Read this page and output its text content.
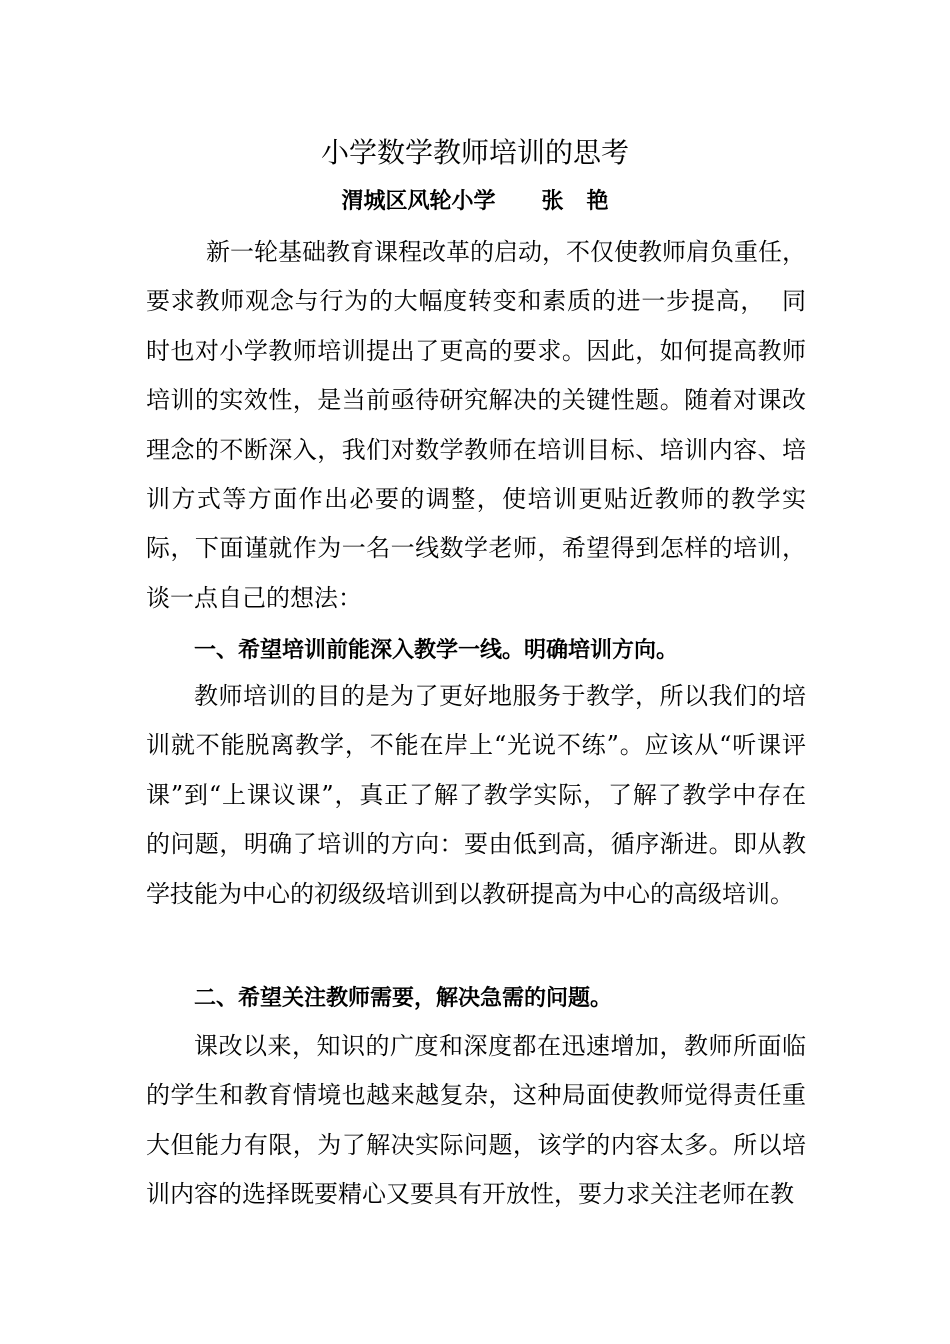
小学数学教师培训的思考
渭城区风轮小学      张   艳

新一轮基础教育课程改革的启动，不仅使教师肩负重任，要求教师观念与行为的大幅度转变和素质的进一步提高，  同时也对小学教师培训提出了更高的要求。因此，如何提高教师培训的实效性，是当前亟待研究解决的关键性题。随着对课改理念的不断深入，我们对数学教师在培训目标、培训内容、培训方式等方面作出必要的调整，使培训更贴近教师的教学实际，下面谨就作为一名一线数学老师，希望得到怎样的培训，谈一点自己的想法：

一、希望培训前能深入教学一线。明确培训方向。

教师培训的目的是为了更好地服务于教学，所以我们的培训就不能脱离教学，不能在岸上“光说不练”。应该从“听课评课”到“上课议课”，真正了解了教学实际，了解了教学中存在的问题，明确了培训的方向：要由低到高，循序渐进。即从教学技能为中心的初级级培训到以教研提高为中心的高级培训。

二、希望关注教师需要，解决急需的问题。

课改以来，知识的广度和深度都在迅速增加，教师所面临的学生和教育情境也越来越复杂，这种局面使教师觉得责任重大但能力有限，为了解决实际问题，该学的内容太多。所以培训内容的选择既要精心又要具有开放性，要力求关注老师在教
